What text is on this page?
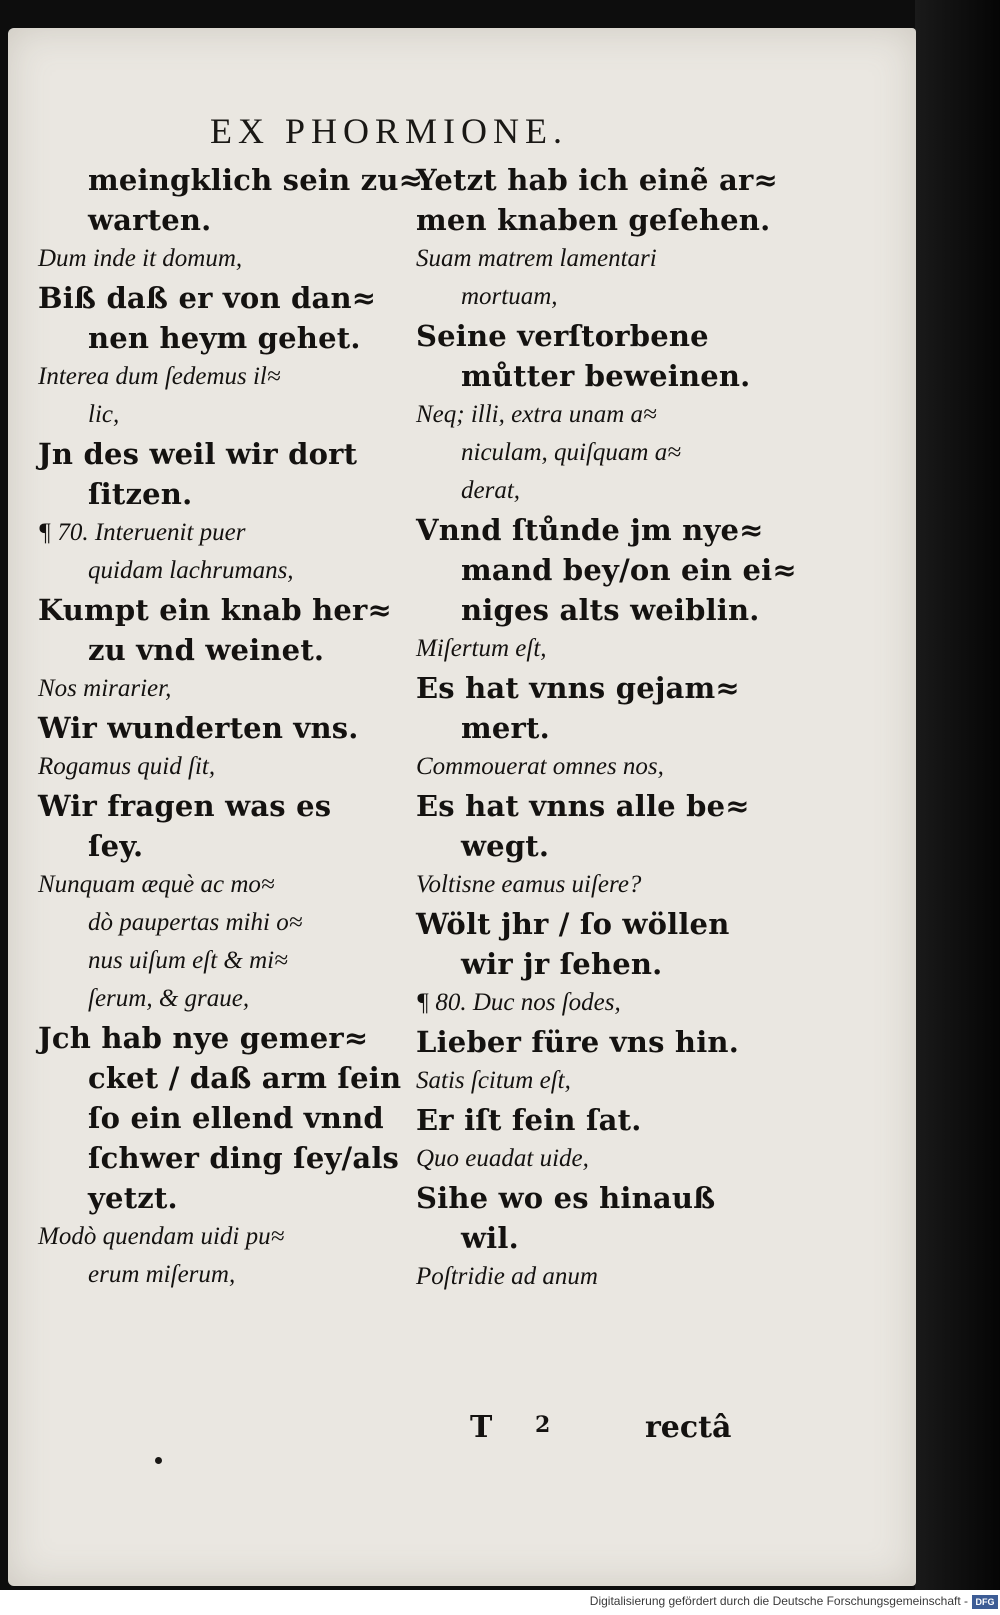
EX PHORMIONE.
meingklich sein zu≈
warten.
Dum inde it domum,
Biß daß er von dan≈
nen heym gehet.
Interea dum ſedemus il≈
lic,
Jn des weil wir dort
ſitzen.
¶ 70. Interuenit puer
quidam lachrumans,
Kumpt ein knab her≈
zu vnd weinet.
Nos mirarier,
Wir wunderten vns.
Rogamus quid ſit,
Wir fragen was es
ſey.
Nunquam æquè ac mo≈
dò paupertas mihi o≈
nus uiſum eſt & mi≈
ſerum, & graue,
Jch hab nye gemer≈
cket / daß arm ſein
ſo ein ellend vnnd
ſchwer ding ſey/als
yetzt.
Modò quendam uidi pu≈
erum miſerum,
Yetzt hab ich einẽ ar≈
men knaben geſehen.
Suam matrem lamentari
mortuam,
Seine verſtorbene
můtter beweinen.
Neq; illi, extra unam a≈
niculam, quiſquam a≈
derat,
Vnnd ſtůnde jm nye≈
mand bey/on ein ei≈
niges alts weiblin.
Miſertum eſt,
Es hat vnns gejam≈
mert.
Commouerat omnes nos,
Es hat vnns alle be≈
wegt.
Voltisne eamus uiſere?
Wölt jhr / ſo wöllen
wir jr ſehen.
¶ 80. Duc nos ſodes,
Lieber füre vns hin.
Satis ſcitum eſt,
Er iſt fein ſat.
Quo euadat uide,
Sihe wo es hinauß
wil.
Poſtridie ad anum
T 2	rectâ
Digitalisierung gefördert durch die Deutsche Forschungsgemeinschaft - DFG
